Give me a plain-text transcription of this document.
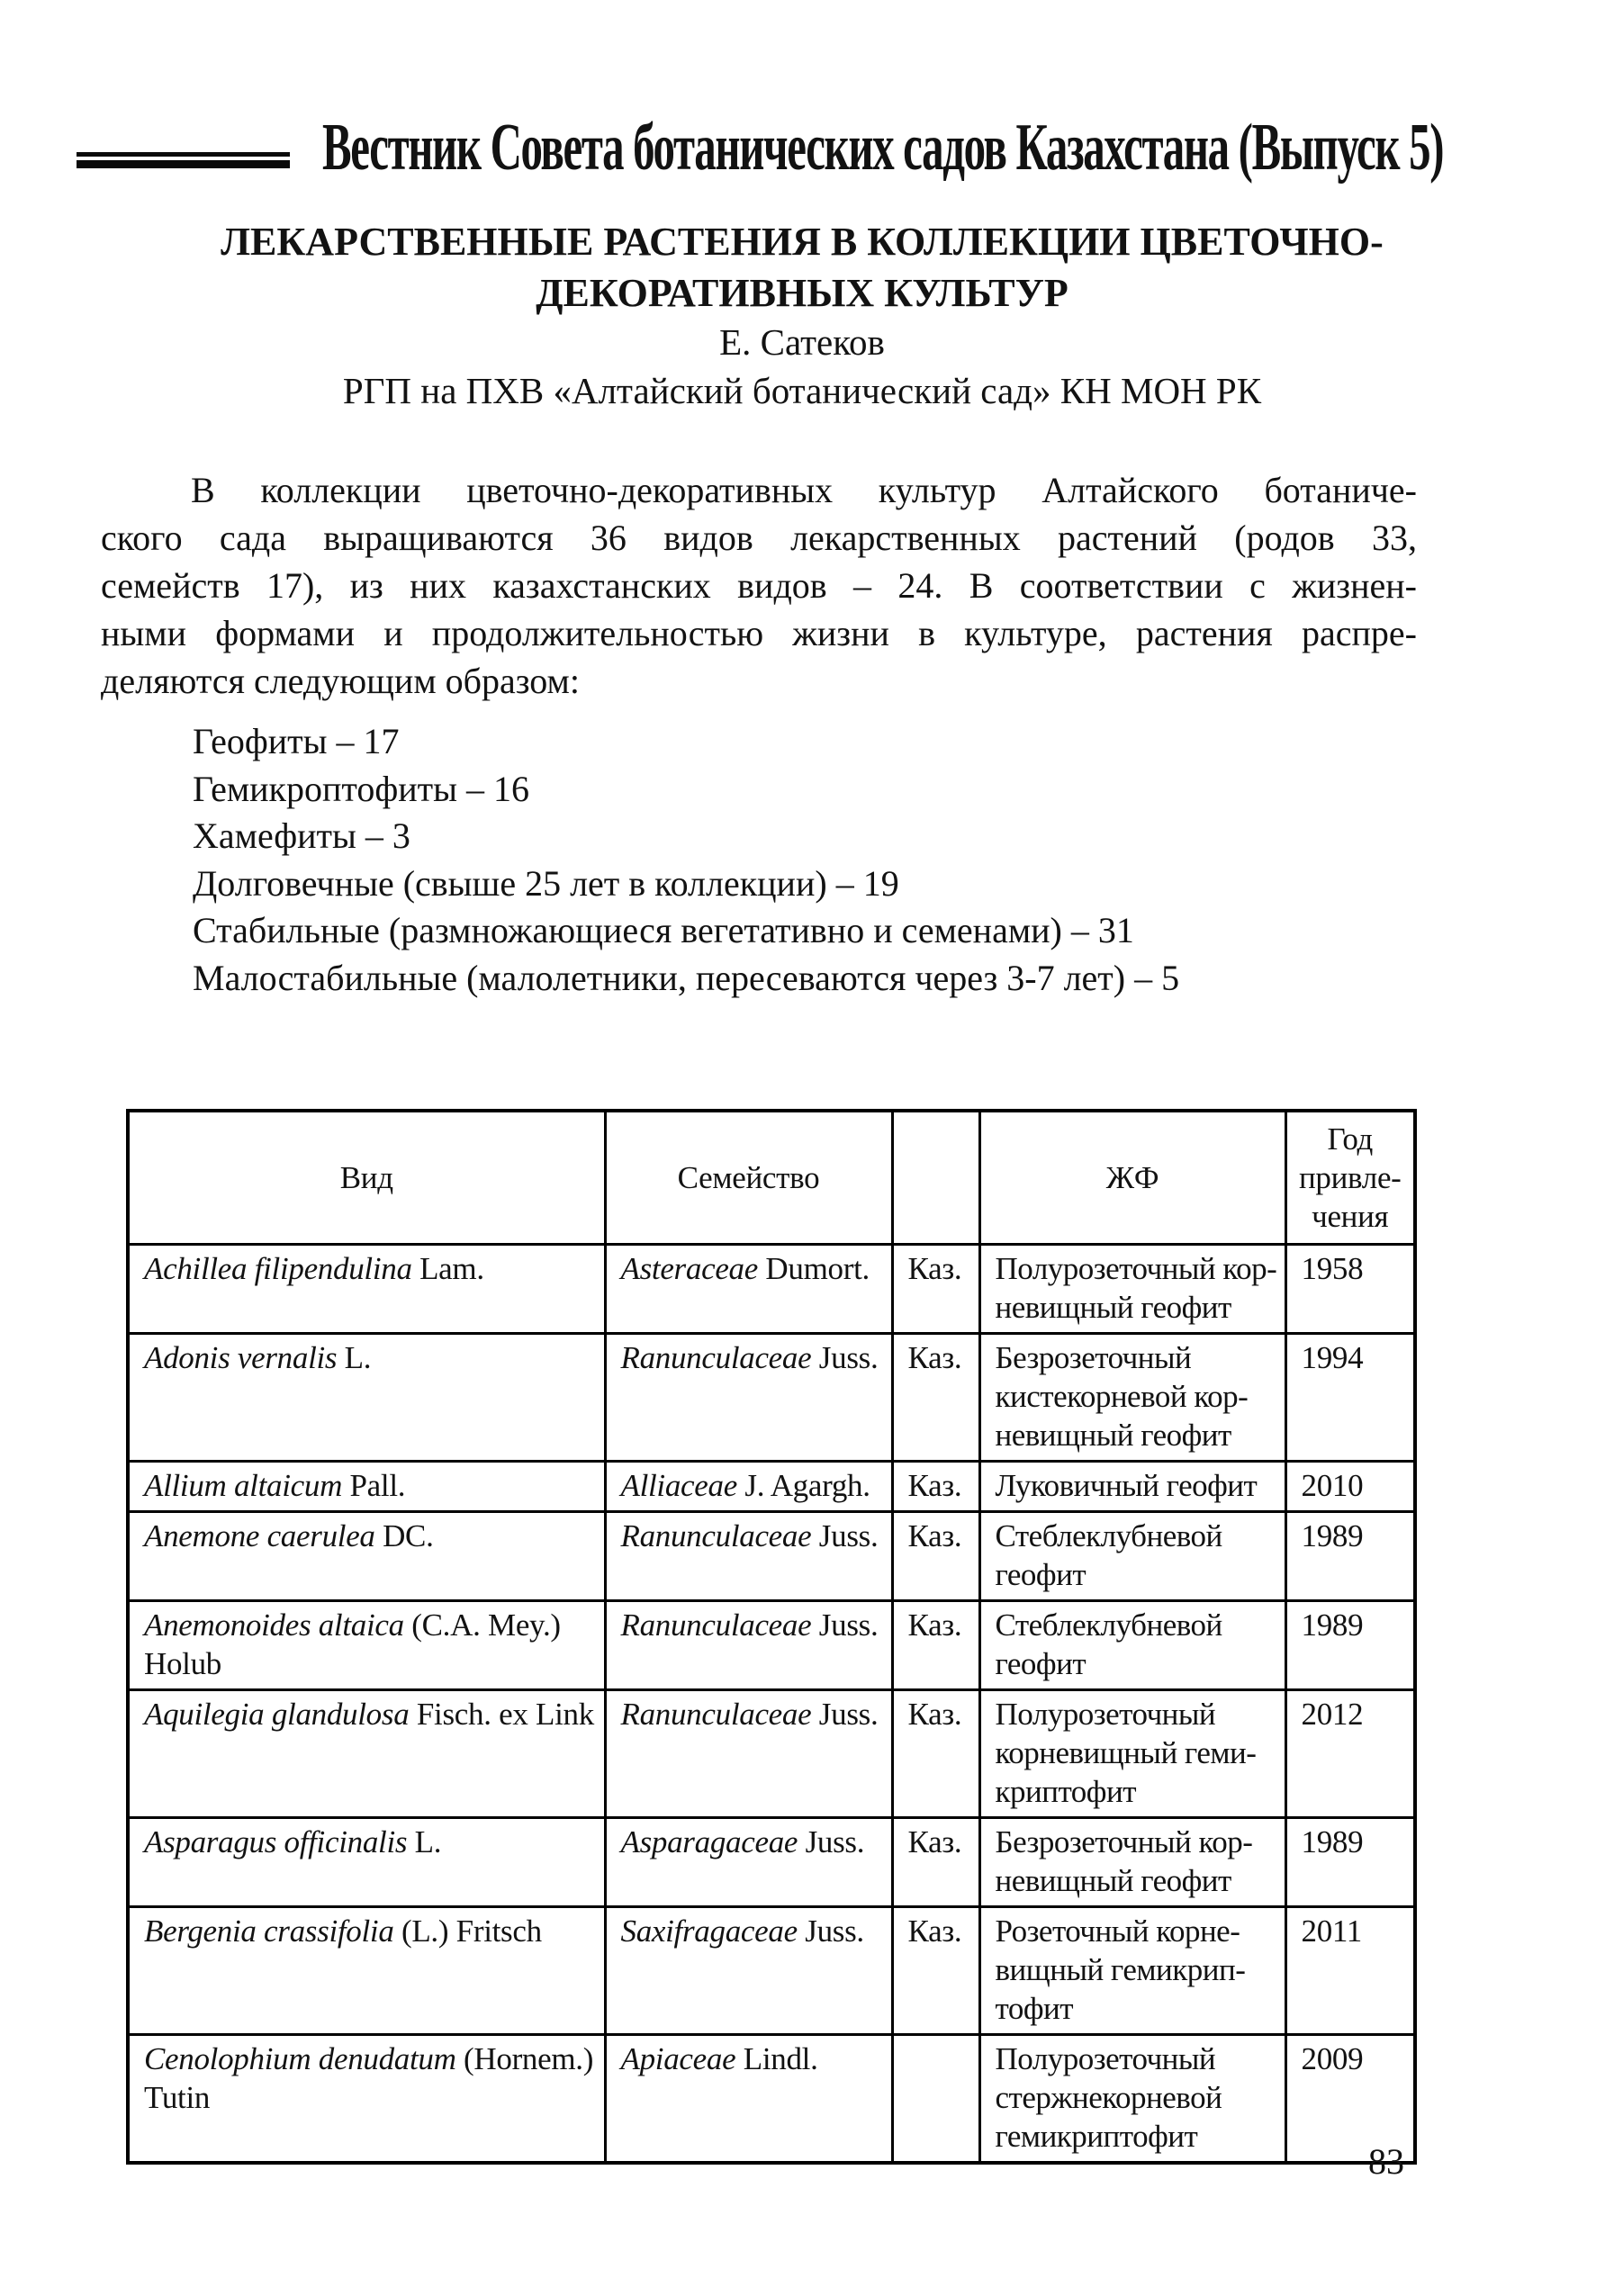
Вестник Совета ботанических садов Казахстана (Выпуск 5)
ЛЕКАРСТВЕННЫЕ РАСТЕНИЯ В КОЛЛЕКЦИИ ЦВЕТОЧНО-
ДЕКОРАТИВНЫХ КУЛЬТУР
Е. Сатеков
РГП на ПХВ «Алтайский ботанический сад» КН МОН РК
В коллекции цветочно-декоративных культур Алтайского ботаниче-
ского сада выращиваются 36 видов лекарственных растений (родов 33,
семейств 17), из них казахстанских видов – 24. В соответствии с жизнен-
ными формами и продолжительностью жизни в культуре, растения распре-
деляются следующим образом:
Геофиты – 17
Гемикроптофиты – 16
Хамефиты – 3
Долговечные (свыше 25 лет в коллекции) – 19
Стабильные (размножающиеся вегетативно и семенами) – 31
Малостабильные (малолетники, пересеваются через 3-7 лет) – 5
Вид	Семейство		ЖФ	Год
привле-
чения
Achillea filipendulina Lam.	Asteraceae Dumort.	Каз.	Полурозеточный кор-
невищный геофит	1958
Adonis vernalis L.	Ranunculaceae Juss.	Каз.	Безрозеточный
кистекорневой кор-
невищный геофит	1994
Allium altaicum Pall.	Alliaceae J. Agargh.	Каз.	Луковичный геофит	2010
Anemone caerulea DC.	Ranunculaceae Juss.	Каз.	Стеблеклубневой
геофит	1989
Anemonoides altaica (C.A. Mey.)
Holub	Ranunculaceae Juss.	Каз.	Стеблеклубневой
геофит	1989
Aquilegia glandulosa Fisch. ex Link	Ranunculaceae Juss.	Каз.	Полурозеточный
корневищный геми-
криптофит	2012
Asparagus officinalis L.	Asparagaceae Juss.	Каз.	Безрозеточный кор-
невищный геофит	1989
Bergenia crassifolia (L.) Fritsch	Saxifragaceae Juss.	Каз.	Розеточный корне-
вищный гемикрип-
тофит	2011
Cenolophium denudatum (Hornem.)
Tutin	Apiaceae Lindl.		Полурозеточный
стержнекорневой
гемикриптофит	2009
83
